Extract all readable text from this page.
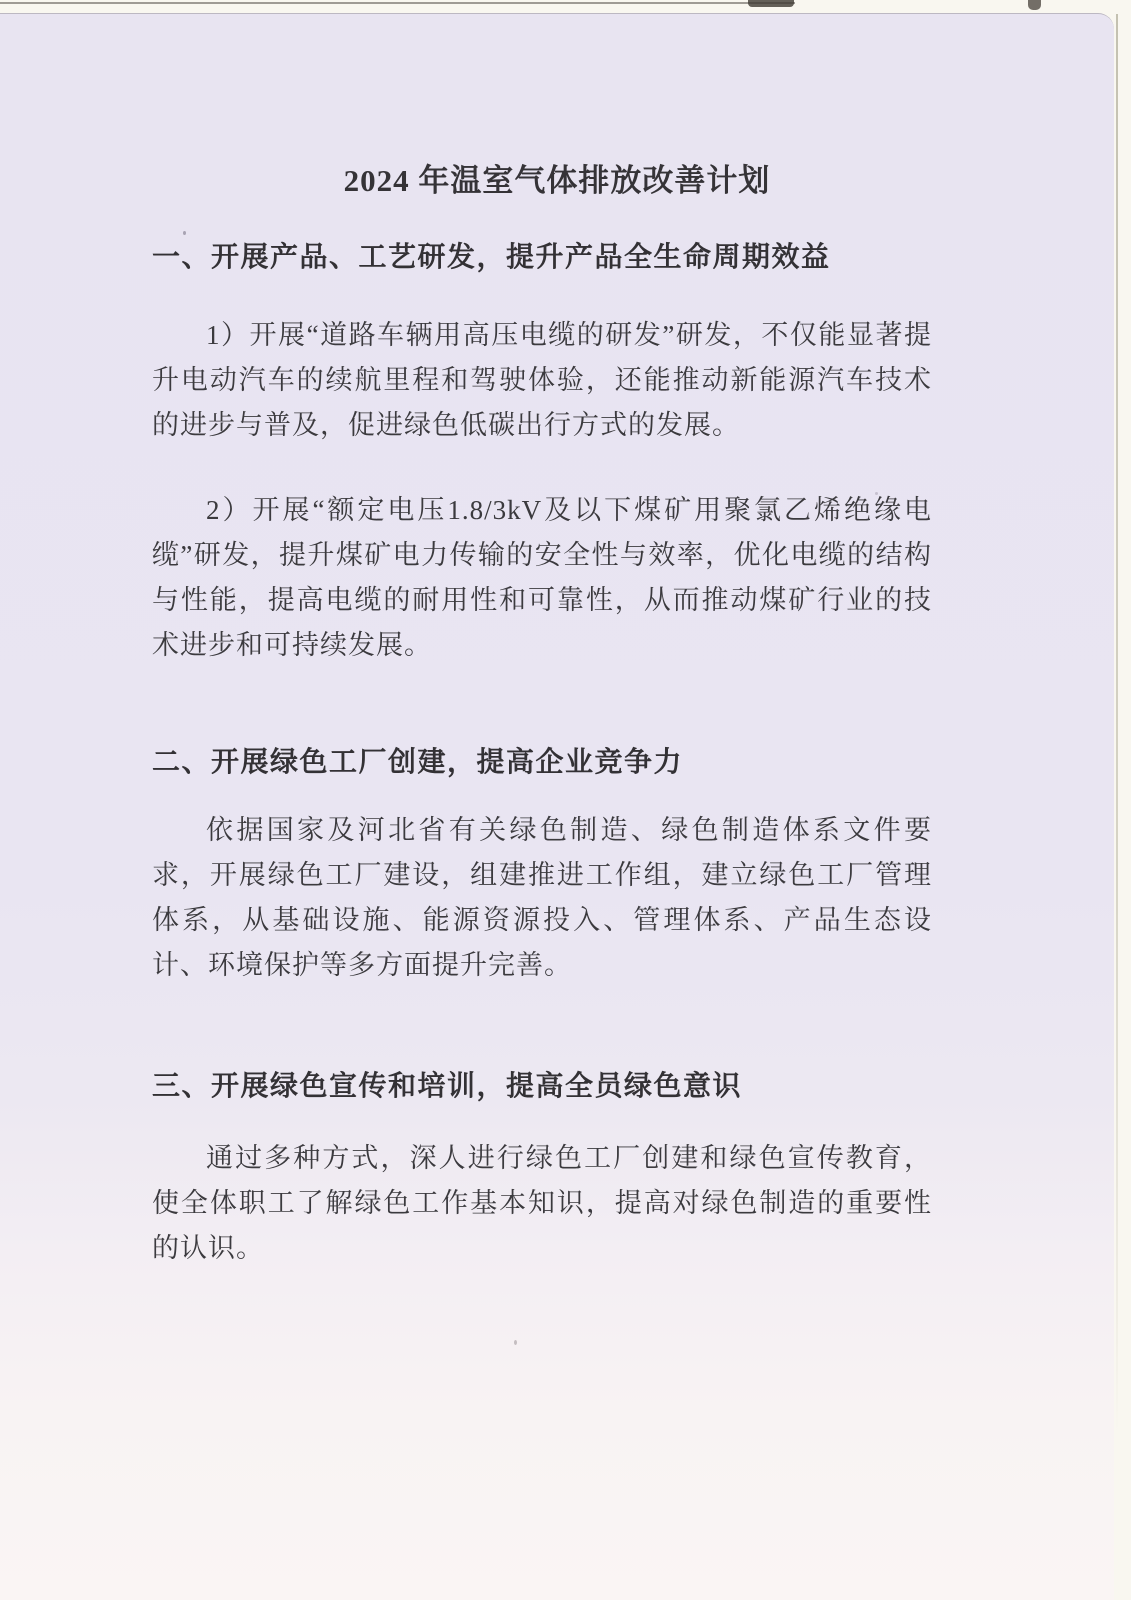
2024 年温室气体排放改善计划
一、开展产品、工艺研发，提升产品全生命周期效益

1）开展“道路车辆用高压电缆的研发”研发，不仅能显著提升电动汽车的续航里程和驾驶体验，还能推动新能源汽车技术的进步与普及，促进绿色低碳出行方式的发展。

2）开展“额定电压1.8/3kV及以下煤矿用聚氯乙烯绝缘电缆”研发，提升煤矿电力传输的安全性与效率，优化电缆的结构与性能，提高电缆的耐用性和可靠性，从而推动煤矿行业的技术进步和可持续发展。

二、开展绿色工厂创建，提高企业竞争力

依据国家及河北省有关绿色制造、绿色制造体系文件要求，开展绿色工厂建设，组建推进工作组，建立绿色工厂管理体系，从基础设施、能源资源投入、管理体系、产品生态设计、环境保护等多方面提升完善。

三、开展绿色宣传和培训，提高全员绿色意识

通过多种方式，深人进行绿色工厂创建和绿色宣传教育，使全体职工了解绿色工作基本知识，提高对绿色制造的重要性的认识。
